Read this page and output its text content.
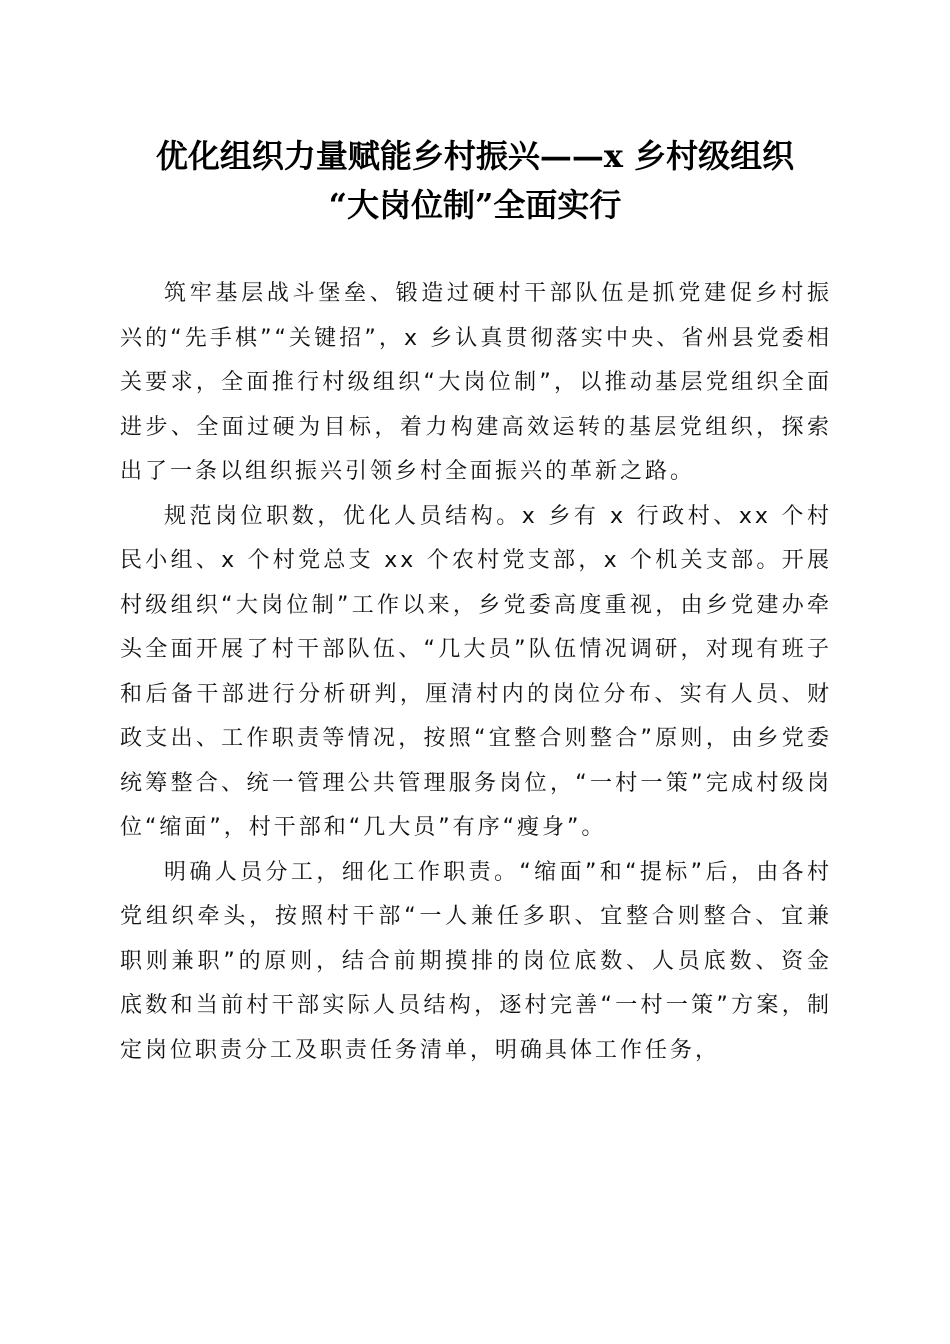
优化组织力量赋能乡村振兴——x 乡村级组织
“大岗位制”全面实行

筑牢基层战斗堡垒、锻造过硬村干部队伍是抓党建促乡村振兴的“先手棋”“关键招”，x 乡认真贯彻落实中央、省州县党委相关要求，全面推行村级组织“大岗位制”，以推动基层党组织全面进步、全面过硬为目标，着力构建高效运转的基层党组织，探索出了一条以组织振兴引领乡村全面振兴的革新之路。

规范岗位职数，优化人员结构。x 乡有 x 行政村、xx 个村民小组、x 个村党总支 xx 个农村党支部，x 个机关支部。开展村级组织“大岗位制”工作以来，乡党委高度重视，由乡党建办牵头全面开展了村干部队伍、“几大员”队伍情况调研，对现有班子和后备干部进行分析研判，厘清村内的岗位分布、实有人员、财政支出、工作职责等情况，按照“宜整合则整合”原则，由乡党委统筹整合、统一管理公共管理服务岗位，“一村一策”完成村级岗位“缩面”，村干部和“几大员”有序“瘦身”。

明确人员分工，细化工作职责。“缩面”和“提标”后，由各村党组织牵头，按照村干部“一人兼任多职、宜整合则整合、宜兼职则兼职”的原则，结合前期摸排的岗位底数、人员底数、资金底数和当前村干部实际人员结构，逐村完善“一村一策”方案，制定岗位职责分工及职责任务清单，明确具体工作任务，
